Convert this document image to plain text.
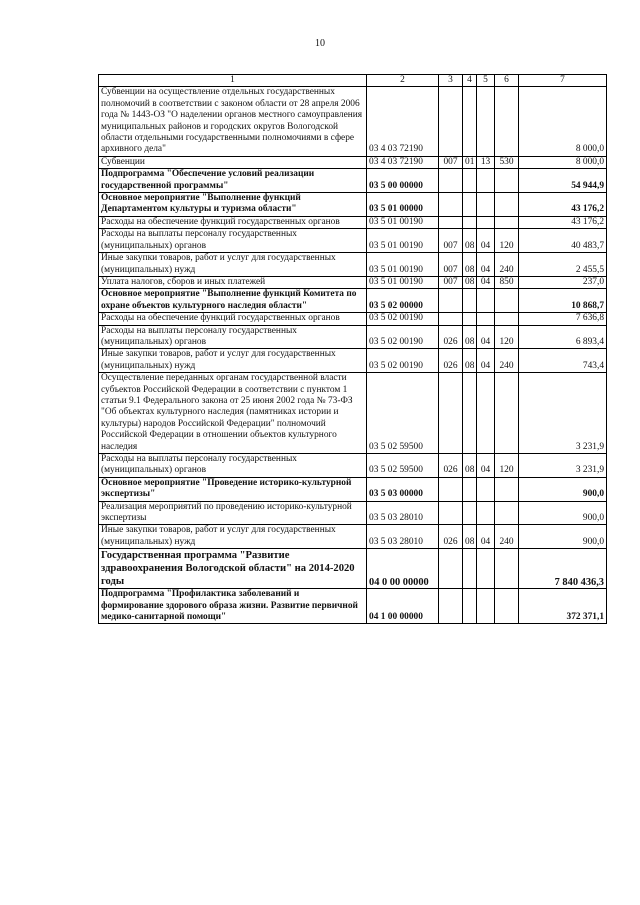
10
1	2	3	4	5	6	7
Субвенции на осуществление отдельных государственных полномочий в соответствии с законом области от 28 апреля 2006 года № 1443-ОЗ "О наделении органов местного самоуправления муниципальных районов и городских округов Вологодской области отдельными государственными полномочиями в сфере архивного дела"	03 4 03 72190					8 000,0
Субвенции	03 4 03 72190	007	01	13	530	8 000,0
Подпрограмма "Обеспечение условий реализации государственной программы"	03 5 00 00000					54 944,9
Основное мероприятие "Выполнение функций Департаментом культуры и туризма области"	03 5 01 00000					43 176,2
Расходы на обеспечение функций государственных органов	03 5 01 00190					43 176,2
Расходы на выплаты персоналу государственных (муниципальных) органов	03 5 01 00190	007	08	04	120	40 483,7
Иные закупки товаров, работ и услуг для государственных (муниципальных) нужд	03 5 01 00190	007	08	04	240	2 455,5
Уплата налогов, сборов и иных платежей	03 5 01 00190	007	08	04	850	237,0
Основное мероприятие "Выполнение функций Комитета по охране объектов культурного наследия области"	03 5 02 00000					10 868,7
Расходы на обеспечение функций государственных органов	03 5 02 00190					7 636,8
Расходы на выплаты персоналу государственных (муниципальных) органов	03 5 02 00190	026	08	04	120	6 893,4
Иные закупки товаров, работ и услуг для государственных (муниципальных) нужд	03 5 02 00190	026	08	04	240	743,4
Осуществление переданных органам государственной власти субъектов Российской Федерации в соответствии с пунктом 1 статьи 9.1 Федерального закона от 25 июня 2002 года № 73-ФЗ "Об объектах культурного наследия (памятниках истории и культуры) народов Российской Федерации" полномочий Российской Федерации в отношении объектов культурного наследия	03 5 02 59500					3 231,9
Расходы на выплаты персоналу государственных (муниципальных) органов	03 5 02 59500	026	08	04	120	3 231,9
Основное мероприятие "Проведение историко-культурной экспертизы"	03 5 03 00000					900,0
Реализация мероприятий по проведению историко-культурной экспертизы	03 5 03 28010					900,0
Иные закупки товаров, работ и услуг для государственных (муниципальных) нужд	03 5 03 28010	026	08	04	240	900,0
Государственная программа "Развитие здравоохранения Вологодской области" на 2014-2020 годы	04 0 00 00000					7 840 436,3
Подпрограмма "Профилактика заболеваний и формирование здорового образа жизни. Развитие первичной медико-санитарной помощи"	04 1 00 00000					372 371,1
